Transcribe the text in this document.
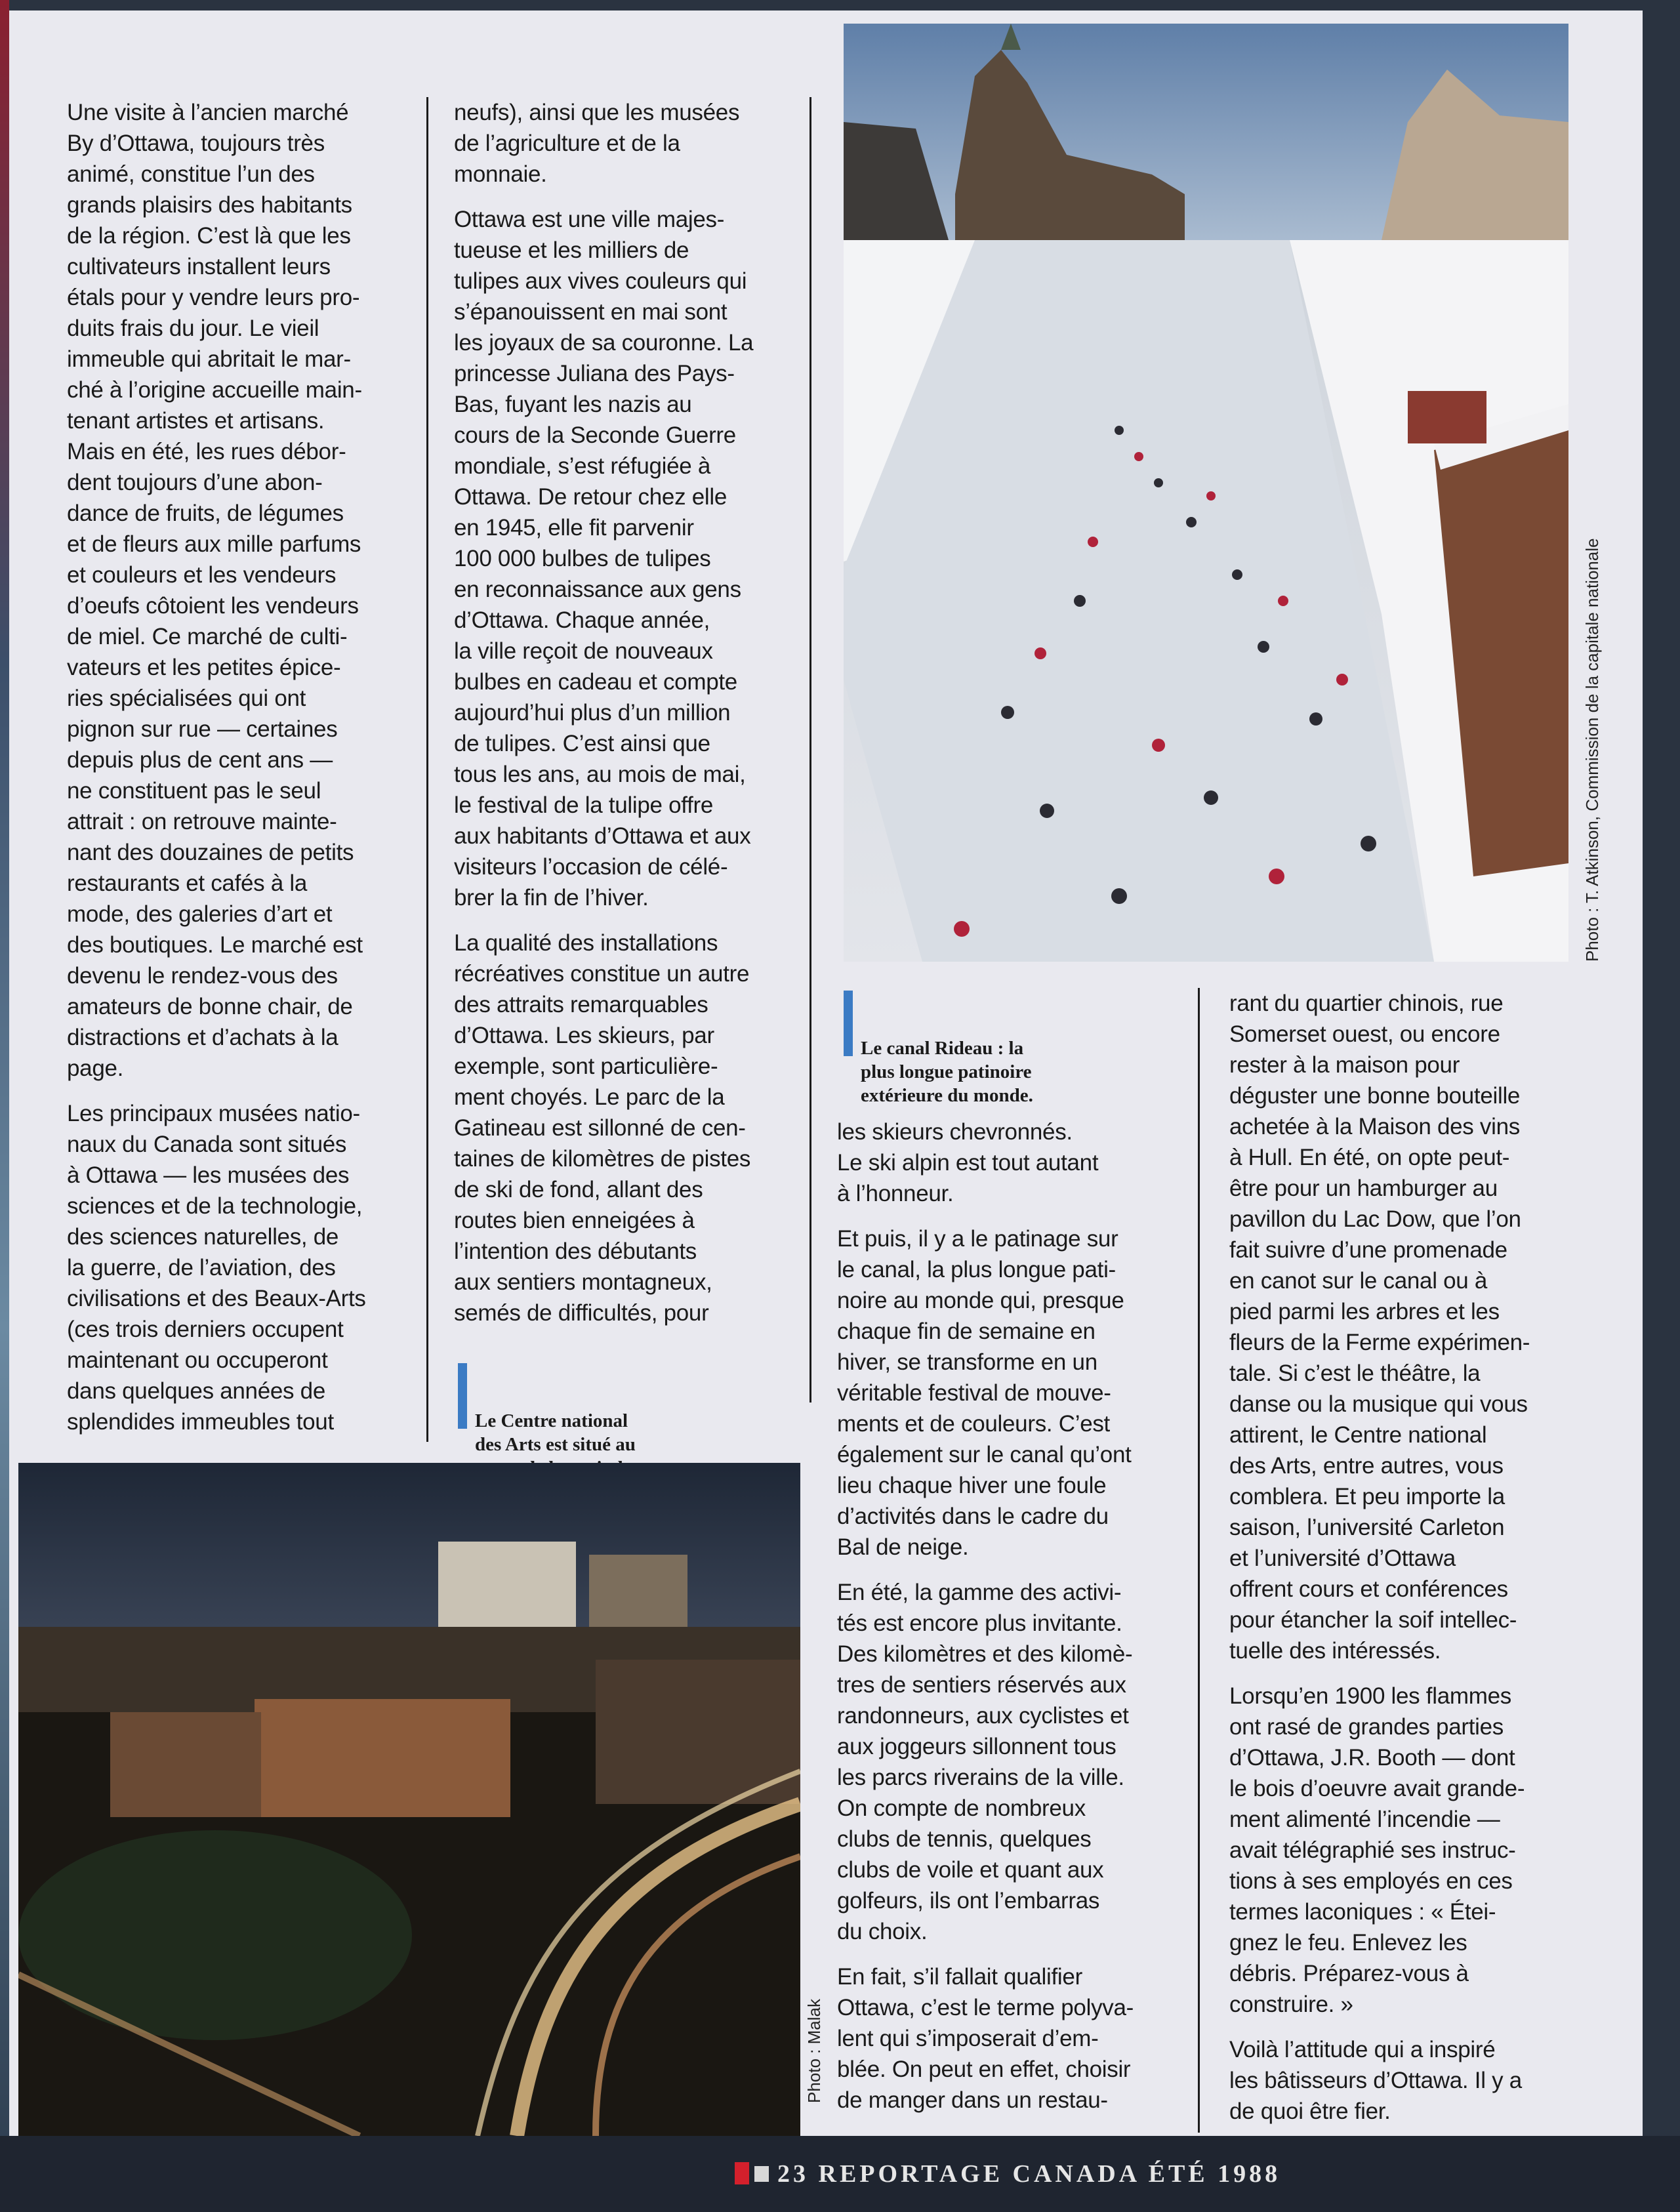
Une visite à l’ancien marché
By d’Ottawa, toujours très
animé, constitue l’un des
grands plaisirs des habitants
de la région. C’est là que les
cultivateurs installent leurs
étals pour y vendre leurs pro-
duits frais du jour. Le vieil
immeuble qui abritait le mar-
ché à l’origine accueille main-
tenant artistes et artisans.
Mais en été, les rues débor-
dent toujours d’une abon-
dance de fruits, de légumes
et de fleurs aux mille parfums
et couleurs et les vendeurs
d’oeufs côtoient les vendeurs
de miel. Ce marché de culti-
vateurs et les petites épice-
ries spécialisées qui ont
pignon sur rue — certaines
depuis plus de cent ans —
ne constituent pas le seul
attrait : on retrouve mainte-
nant des douzaines de petits
restaurants et cafés à la
mode, des galeries d’art et
des boutiques. Le marché est
devenu le rendez-vous des
amateurs de bonne chair, de
distractions et d’achats à la
page.

Les principaux musées natio-
naux du Canada sont situés
à Ottawa — les musées des
sciences et de la technologie,
des sciences naturelles, de
la guerre, de l’aviation, des
civilisations et des Beaux-Arts
(ces trois derniers occupent
maintenant ou occuperont
dans quelques années de
splendides immeubles tout

neufs), ainsi que les musées
de l’agriculture et de la
monnaie.

Ottawa est une ville majes-
tueuse et les milliers de
tulipes aux vives couleurs qui
s’épanouissent en mai sont
les joyaux de sa couronne. La
princesse Juliana des Pays-
Bas, fuyant les nazis au
cours de la Seconde Guerre
mondiale, s’est réfugiée à
Ottawa. De retour chez elle
en 1945, elle fit parvenir
100 000 bulbes de tulipes
en reconnaissance aux gens
d’Ottawa. Chaque année,
la ville reçoit de nouveaux
bulbes en cadeau et compte
aujourd’hui plus d’un million
de tulipes. C’est ainsi que
tous les ans, au mois de mai,
le festival de la tulipe offre
aux habitants d’Ottawa et aux
visiteurs l’occasion de célé-
brer la fin de l’hiver.

La qualité des installations
récréatives constitue un autre
des attraits remarquables
d’Ottawa. Les skieurs, par
exemple, sont particulière-
ment choyés. Le parc de la
Gatineau est sillonné de cen-
taines de kilomètres de pistes
de ski de fond, allant des
routes bien enneigées à
l’intention des débutants
aux sentiers montagneux,
semés de difficultés, pour

Le Centre national
des Arts est situé au

Photo : T. Atkinson, Commission de la capitale nationale

Le canal Rideau : la
plus longue patinoire
extérieure du monde.

les skieurs chevronnés.
Le ski alpin est tout autant
à l’honneur.

Et puis, il y a le patinage sur
le canal, la plus longue pati-
noire au monde qui, presque
chaque fin de semaine en
hiver, se transforme en un
véritable festival de mouve-
ments et de couleurs. C’est
également sur le canal qu’ont
lieu chaque hiver une foule
d’activités dans le cadre du
Bal de neige.

En été, la gamme des activi-
tés est encore plus invitante.
Des kilomètres et des kilomè-
tres de sentiers réservés aux
randonneurs, aux cyclistes et
aux joggeurs sillonnent tous
les parcs riverains de la ville.
On compte de nombreux
clubs de tennis, quelques
clubs de voile et quant aux
golfeurs, ils ont l’embarras
du choix.

En fait, s’il fallait qualifier
Ottawa, c’est le terme polyva-
lent qui s’imposerait d’em-
blée. On peut en effet, choisir
de manger dans un restau-

rant du quartier chinois, rue
Somerset ouest, ou encore
rester à la maison pour
déguster une bonne bouteille
achetée à la Maison des vins
à Hull. En été, on opte peut-
être pour un hamburger au
pavillon du Lac Dow, que l’on
fait suivre d’une promenade
en canot sur le canal ou à
pied parmi les arbres et les
fleurs de la Ferme expérimen-
tale. Si c’est le théâtre, la
danse ou la musique qui vous
attirent, le Centre national
des Arts, entre autres, vous
comblera. Et peu importe la
saison, l’université Carleton
et l’université d’Ottawa
offrent cours et conférences
pour étancher la soif intellec-
tuelle des intéressés.

Lorsqu’en 1900 les flammes
ont rasé de grandes parties
d’Ottawa, J.R. Booth — dont
le bois d’oeuvre avait grande-
ment alimenté l’incendie —
avait télégraphié ses instruc-
tions à ses employés en ces
termes laconiques : « Étei-
gnez le feu. Enlevez les
débris. Préparez-vous à
construire. »

Voilà l’attitude qui a inspiré
les bâtisseurs d’Ottawa. Il y a
de quoi être fier.

Photo : Malak
23 REPORTAGE CANADA ÉTÉ 1988
